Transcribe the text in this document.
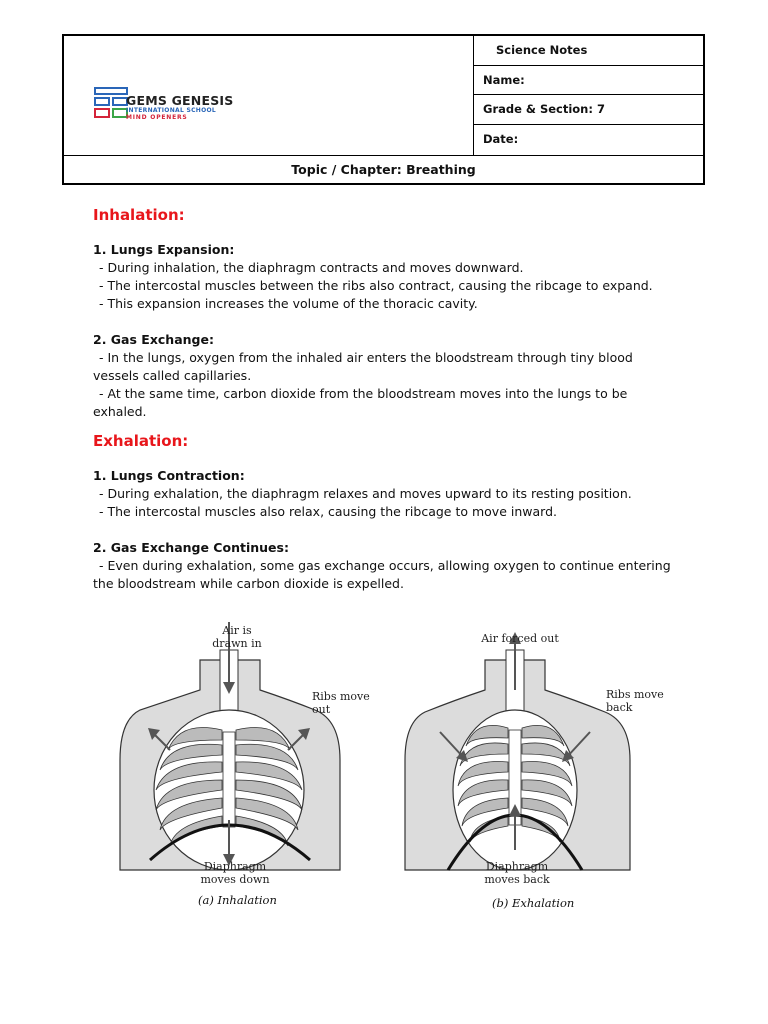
GEMS GENESIS
INTERNATIONAL SCHOOL
MIND OPENERS
Science Notes
Name:
Grade & Section: 7
Date:
Topic / Chapter: Breathing
Inhalation:

1. Lungs Expansion:

- During inhalation, the diaphragm contracts and moves downward.

- The intercostal muscles between the ribs also contract, causing the ribcage to expand.

- This expansion increases the volume of the thoracic cavity.

2. Gas Exchange:

- In the lungs, oxygen from the inhaled air enters the bloodstream through tiny blood

vessels called capillaries.

- At the same time, carbon dioxide from the bloodstream moves into the lungs to be

exhaled.

Exhalation:

1. Lungs Contraction:

- During exhalation, the diaphragm relaxes and moves upward to its resting position.

- The intercostal muscles also relax, causing the ribcage to move inward.

2. Gas Exchange Continues:

- Even during exhalation, some gas exchange occurs, allowing oxygen to continue entering

the bloodstream while carbon dioxide is expelled.

Air is
drawn in
Ribs move
out
Diaphragm
moves down
(a) Inhalation
Air forced out
Ribs move
back
Diaphragm
moves back
(b) Exhalation
